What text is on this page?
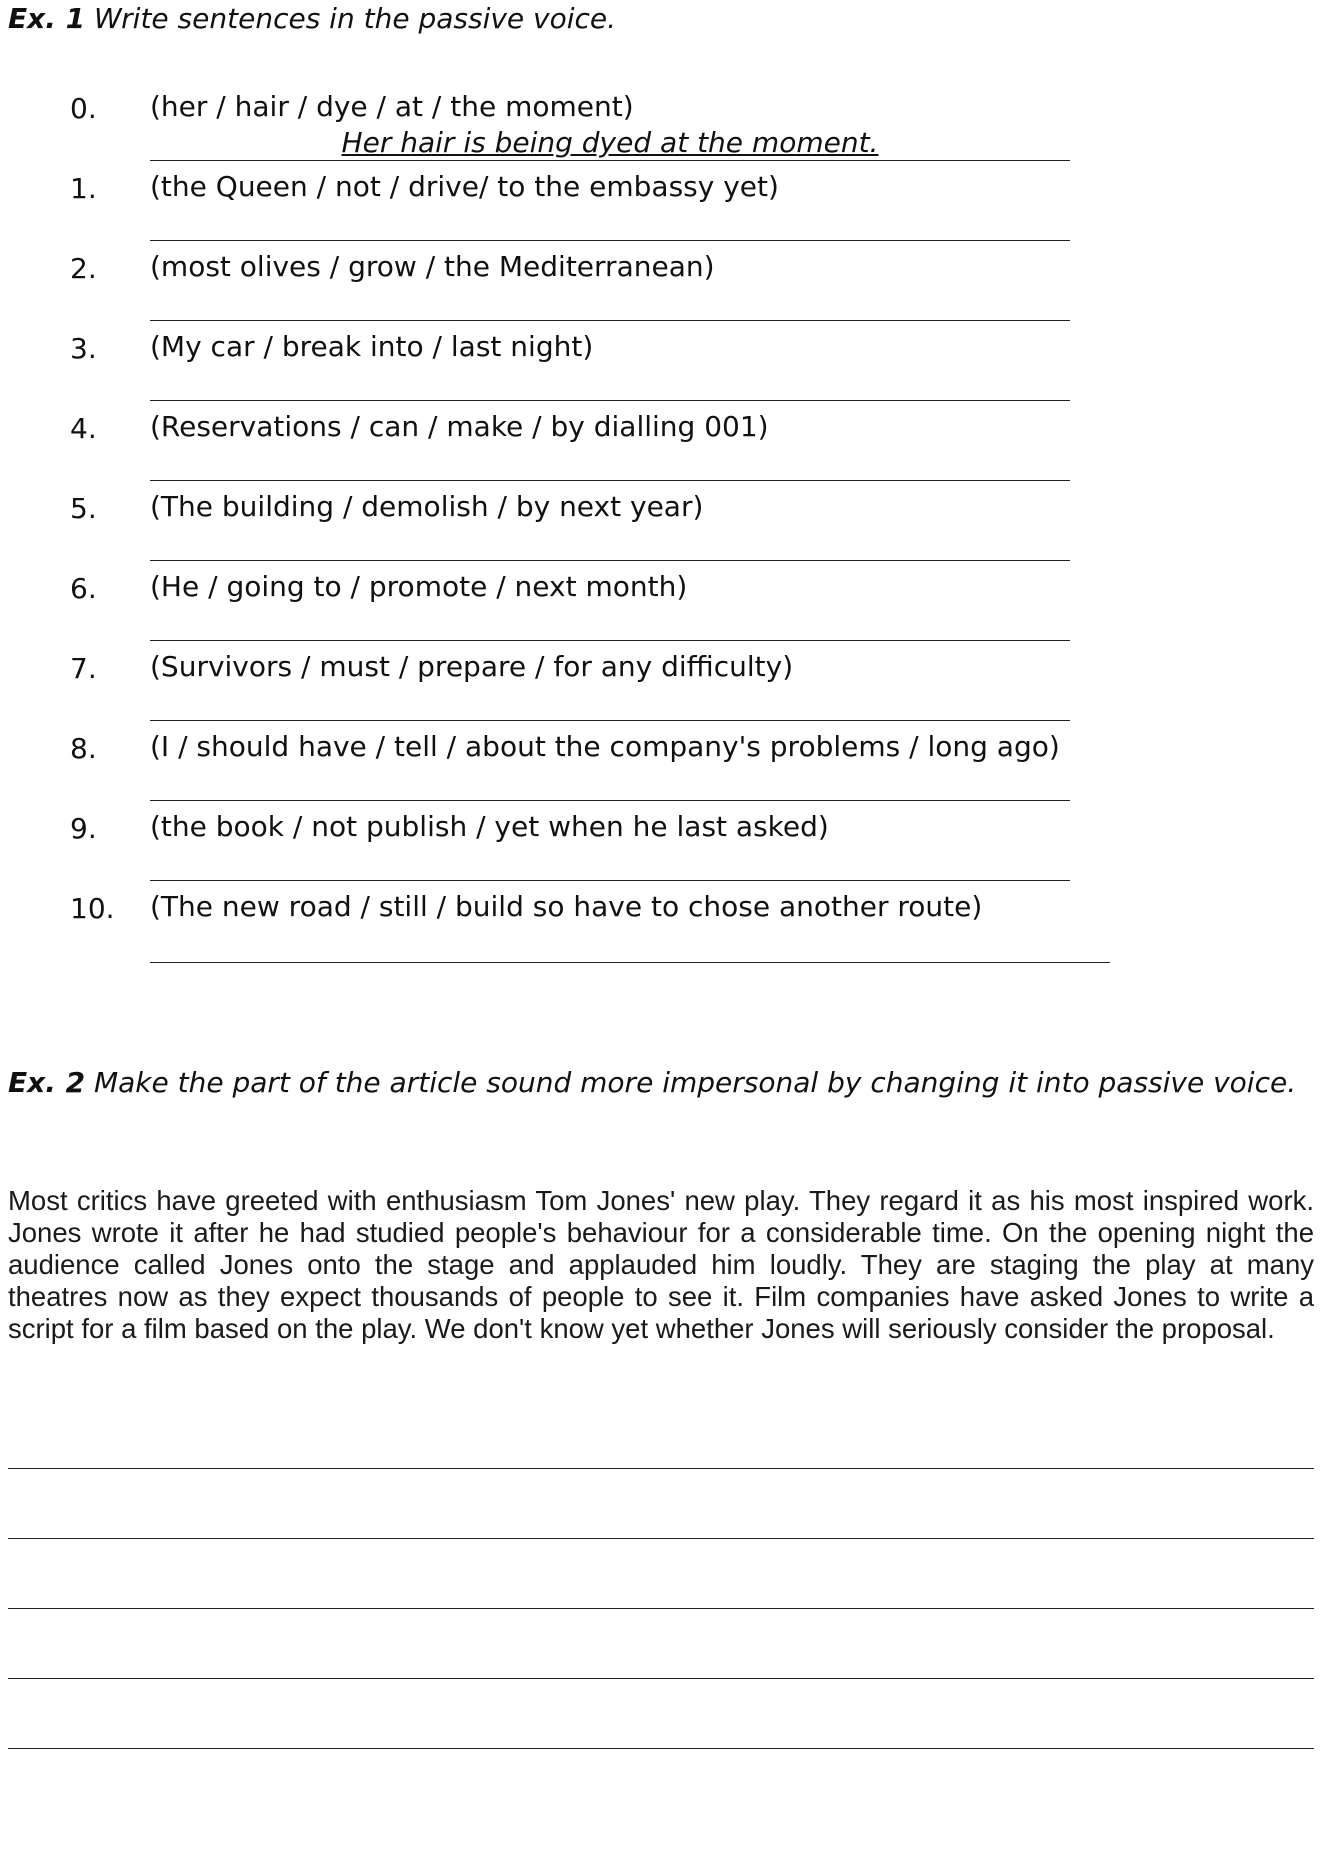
Ex. 1 Write sentences in the passive voice.
0. (her / hair / dye / at / the moment)
Her hair is being dyed at the moment.
1. (the Queen / not / drive/ to the embassy yet)
2. (most olives / grow / the Mediterranean)
3. (My car / break into / last night)
4. (Reservations / can / make / by dialling 001)
5. (The building / demolish / by next year)
6. (He / going to / promote / next month)
7. (Survivors / must / prepare / for any difficulty)
8. (I / should have / tell / about the company's problems / long ago)
9. (the book / not publish / yet when he last asked)
10. (The new road / still / build so have to chose another route)
Ex. 2 Make the part of the article sound more impersonal by changing it into passive voice.
Most critics have greeted with enthusiasm Tom Jones' new play. They regard it as his most inspired work. Jones wrote it after he had studied people's behaviour for a considerable time. On the opening night the audience called Jones onto the stage and applauded him loudly. They are staging the play at many theatres now as they expect thousands of people to see it. Film companies have asked Jones to write a script for a film based on the play. We don't know yet whether Jones will seriously consider the proposal.
